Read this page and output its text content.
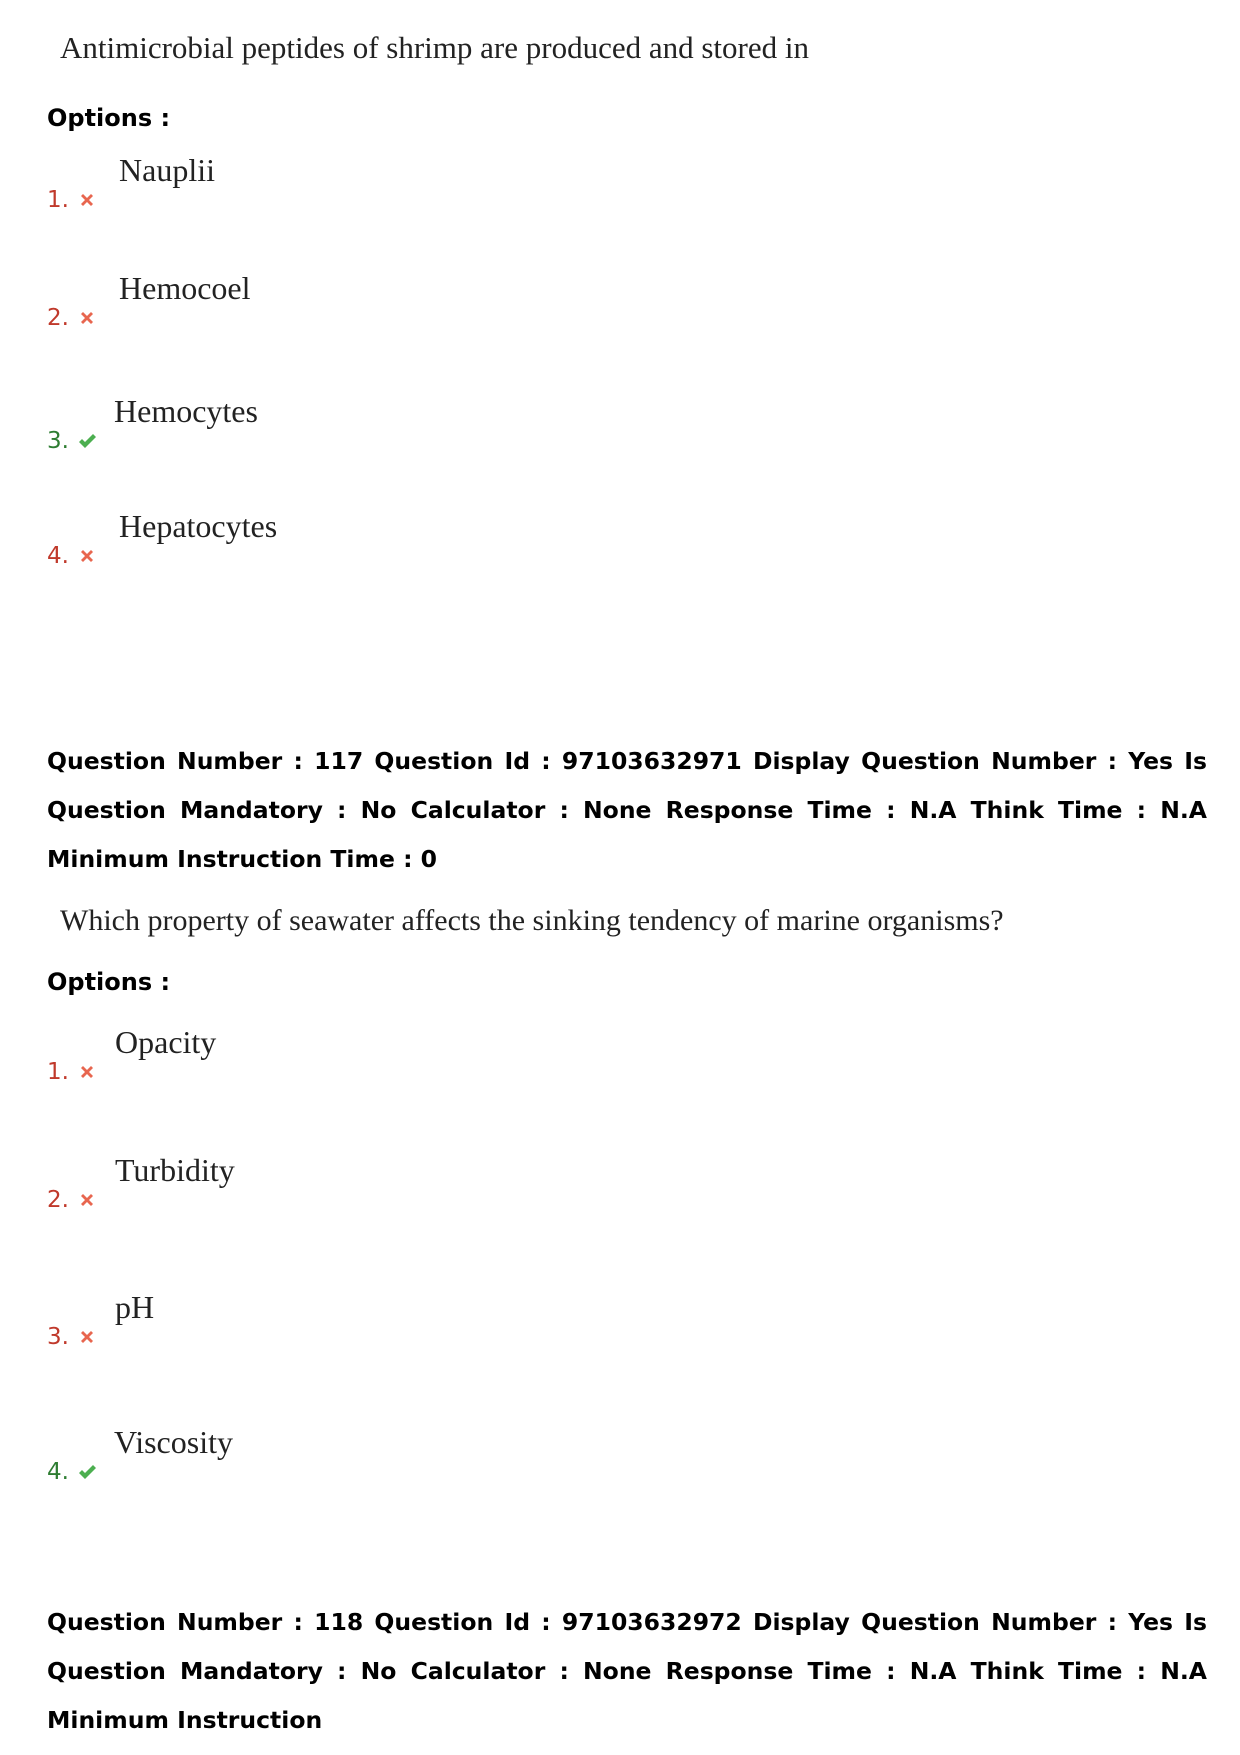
Antimicrobial peptides of shrimp are produced and stored in
Options :
1.
Nauplii
2.
Hemocoel
3.
Hemocytes
4.
Hepatocytes
Question Number : 117 Question Id : 97103632971 Display Question Number : Yes Is Question Mandatory : No Calculator : None Response Time : N.A Think Time : N.A Minimum Instruction Time : 0
Which property of seawater affects the sinking tendency of marine organisms?
Options :
1.
Opacity
2.
Turbidity
3.
pH
4.
Viscosity
Question Number : 118 Question Id : 97103632972 Display Question Number : Yes Is Question Mandatory : No Calculator : None Response Time : N.A Think Time : N.A Minimum Instruction
